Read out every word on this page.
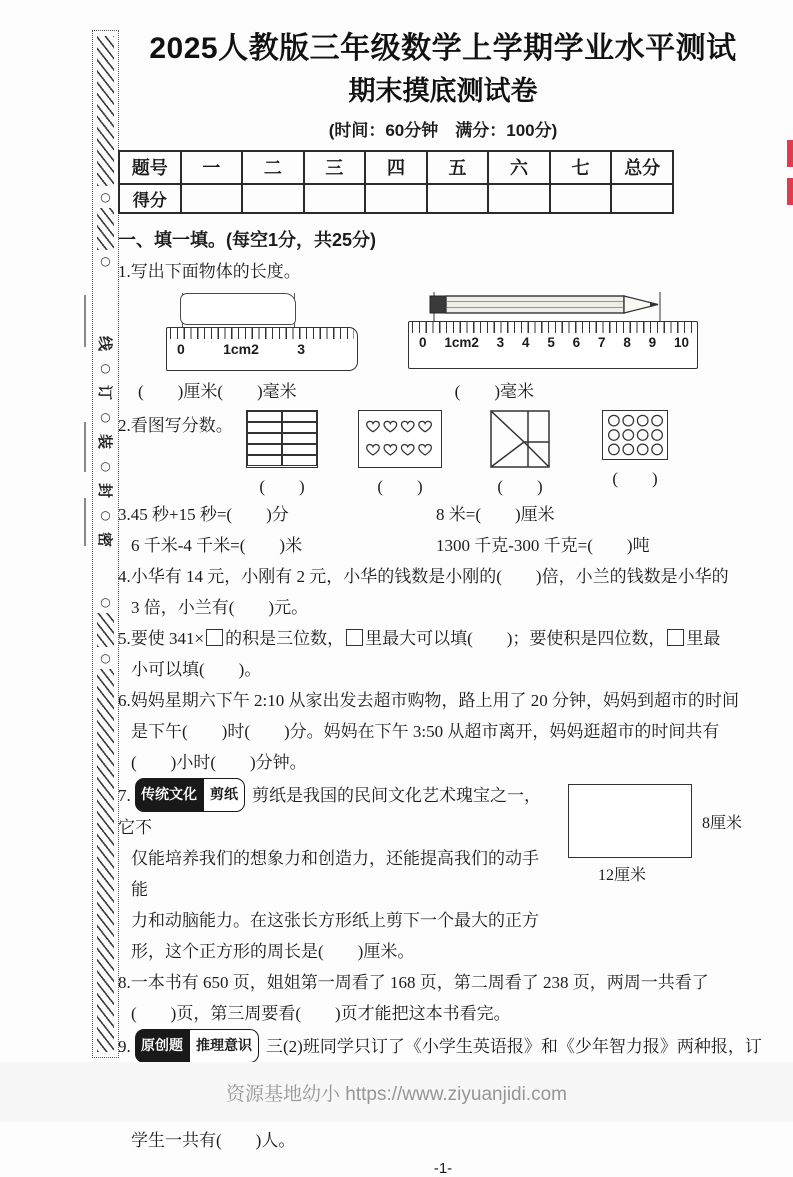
○
○
线
○
订
○
装
○
封
○
密
○
○
2025人教版三年级数学上学期学业水平测试
期末摸底测试卷
(时间：60分钟　满分：100分)
题号	一	二	三	四	五	六	七	总分
得分								
一、填一填。(每空1分，共25分)

1.写出下面物体的长度。

0	1cm2	3	0 1cm2 3 4 5 6 7 8 9 10
(　　)厘米(　　)毫米	(　　)毫米
2.看图写分数。
(　　)	(　　)	(　　)	(　　)

3.45 秒+15 秒=(　　)分	8 米=(　　)厘米

6 千米-4 千米=(　　)米	1300 千克-300 千克=(　　)吨

4.小华有 14 元，小刚有 2 元，小华的钱数是小刚的(　　)倍，小兰的钱数是小华的

3 倍，小兰有(　　)元。

5.要使 341× 的积是三位数， 里最大可以填(　　)；要使积是四位数， 里最

小可以填(　　)。

6.妈妈星期六下午 2:10 从家出发去超市购物，路上用了 20 分钟，妈妈到超市的时间

是下午(　　)时(　　)分。妈妈在下午 3:50 从超市离开，妈妈逛超市的时间共有

(　　)小时(　　)分钟。

7. 传统文化 剪纸 剪纸是我国的民间文化艺术瑰宝之一，它不

仅能培养我们的想象力和创造力，还能提高我们的动手能

力和动脑能力。在这张长方形纸上剪下一个最大的正方

形，这个正方形的周长是(　　)厘米。

8厘米
12厘米

8.一本书有 650 页，姐姐第一周看了 168 页，第二周看了 238 页，两周一共看了

(　　)页，第三周要看(　　)页才能把这本书看完。

9. 原创题 推理意识 三(2)班同学只订了《小学生英语报》和《少年智力报》两种报，订

学生一共有(　　)人。

-1-
资源基地幼小 https://www.ziyuanjidi.com
